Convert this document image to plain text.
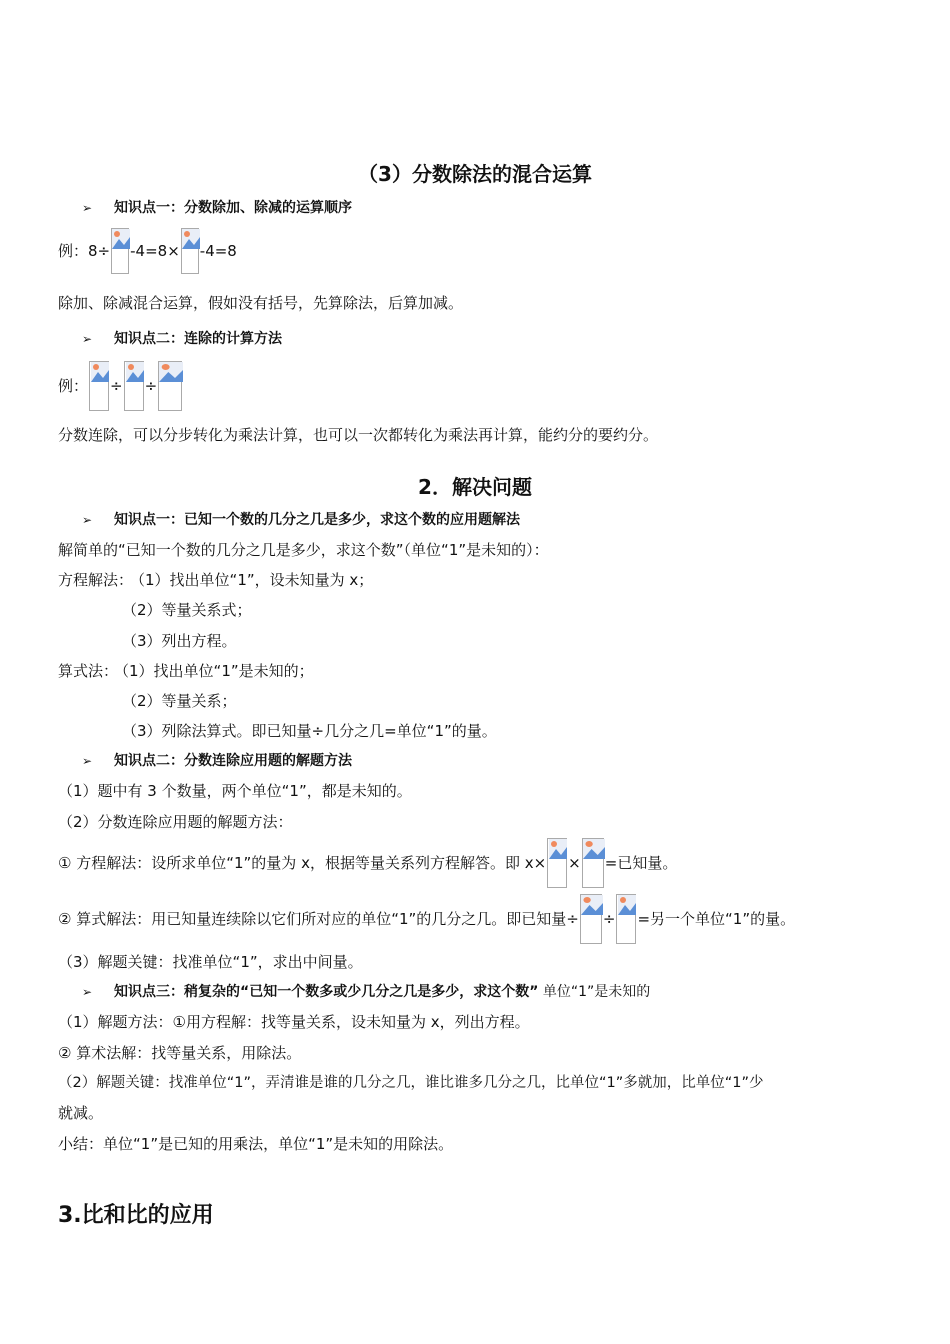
（3）分数除法的混合运算
➢ 知识点一：分数除加、除减的运算顺序
例： 8÷ -4=8× -4=8
除加、除减混合运算，假如没有括号，先算除法，后算加减。
➢ 知识点二：连除的计算方法
例： ÷ ÷
分数连除，可以分步转化为乘法计算，也可以一次都转化为乘法再计算，能约分的要约分。
2．解决问题
➢ 知识点一：已知一个数的几分之几是多少，求这个数的应用题解法
解简单的“已知一个数的几分之几是多少，求这个数”（单位“1”是未知的）：
方程解法：
（1）找出单位“1”，设未知量为 x；
（2）等量关系式；
（3）列出方程。
算式法：
（1）找出单位“1”是未知的；
（2）等量关系；
（3）列除法算式。即已知量÷几分之几=单位“1”的量。
➢ 知识点二：分数连除应用题的解题方法
（1）题中有 3 个数量，两个单位“1”，都是未知的。
（2）分数连除应用题的解题方法：
① 方程解法：设所求单位“1”的量为 x，根据等量关系列方程解答。即 x× × =已知量。
② 算式解法：用已知量连续除以它们所对应的单位“1”的几分之几。即已知量÷ ÷ =另一个单位“1”的量。
（3）解题关键：找准单位“1”，求出中间量。
➢ 知识点三：稍复杂的“已知一个数多或少几分之几是多少，求这个数” 单位“1”是未知的
（1）解题方法：①用方程解：找等量关系，设未知量为 x，列出方程。
② 算术法解：找等量关系，用除法。
（2）解题关键：找准单位“1”，弄清谁是谁的几分之几，谁比谁多几分之几，比单位“1”多就加，比单位“1”少
就减。
小结：单位“1”是已知的用乘法，单位“1”是未知的用除法。
3.比和比的应用
